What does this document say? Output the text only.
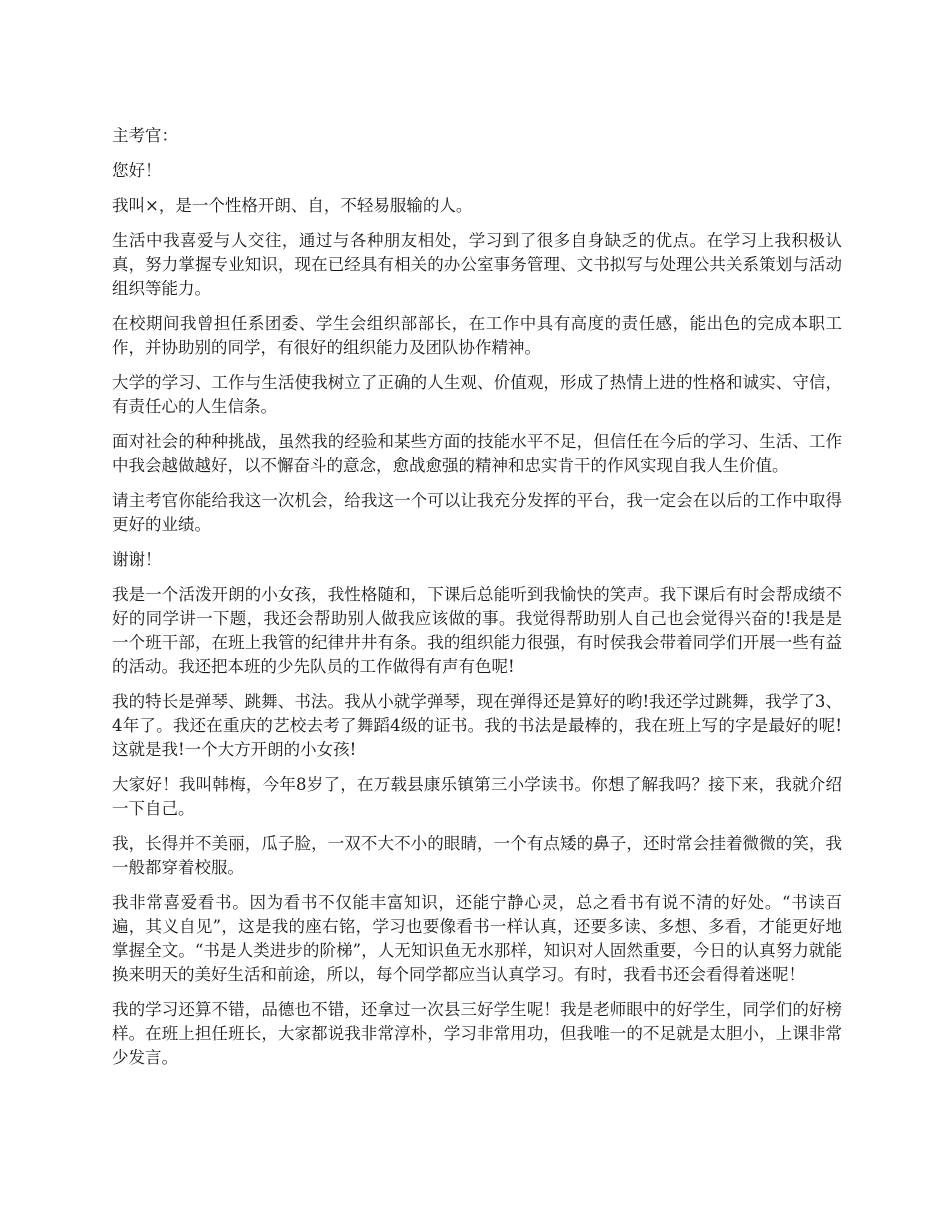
主考官：

您好！

我叫×，是一个性格开朗、自，不轻易服输的人。

生活中我喜爱与人交往，通过与各种朋友相处，学习到了很多自身缺乏的优点。在学习上我积极认真，努力掌握专业知识，现在已经具有相关的办公室事务管理、文书拟写与处理公共关系策划与活动组织等能力。

在校期间我曾担任系团委、学生会组织部部长，在工作中具有高度的责任感，能出色的完成本职工作，并协助别的同学，有很好的组织能力及团队协作精神。

大学的学习、工作与生活使我树立了正确的人生观、价值观，形成了热情上进的性格和诚实、守信，有责任心的人生信条。

面对社会的种种挑战，虽然我的经验和某些方面的技能水平不足，但信任在今后的学习、生活、工作中我会越做越好，以不懈奋斗的意念，愈战愈强的精神和忠实肯干的作风实现自我人生价值。

请主考官你能给我这一次机会，给我这一个可以让我充分发挥的平台，我一定会在以后的工作中取得更好的业绩。

谢谢！

我是一个活泼开朗的小女孩，我性格随和，下课后总能听到我愉快的笑声。我下课后有时会帮成绩不好的同学讲一下题，我还会帮助别人做我应该做的事。我觉得帮助别人自己也会觉得兴奋的!我是是一个班干部，在班上我管的纪律井井有条。我的组织能力很强，有时侯我会带着同学们开展一些有益的活动。我还把本班的少先队员的工作做得有声有色呢!

我的特长是弹琴、跳舞、书法。我从小就学弹琴，现在弹得还是算好的哟!我还学过跳舞，我学了3、4年了。我还在重庆的艺校去考了舞蹈4级的证书。我的书法是最棒的，我在班上写的字是最好的呢!这就是我!一个大方开朗的小女孩!

大家好！我叫韩梅，今年8岁了，在万载县康乐镇第三小学读书。你想了解我吗？接下来，我就介绍一下自己。

我，长得并不美丽，瓜子脸，一双不大不小的眼睛，一个有点矮的鼻子，还时常会挂着微微的笑，我一般都穿着校服。

我非常喜爱看书。因为看书不仅能丰富知识，还能宁静心灵，总之看书有说不清的好处。“书读百遍，其义自见”，这是我的座右铭，学习也要像看书一样认真，还要多读、多想、多看，才能更好地掌握全文。“书是人类进步的阶梯”，人无知识鱼无水那样，知识对人固然重要，今日的认真努力就能换来明天的美好生活和前途，所以，每个同学都应当认真学习。有时，我看书还会看得着迷呢！

我的学习还算不错，品德也不错，还拿过一次县三好学生呢！我是老师眼中的好学生，同学们的好榜样。在班上担任班长，大家都说我非常淳朴，学习非常用功，但我唯一的不足就是太胆小，上课非常少发言。
